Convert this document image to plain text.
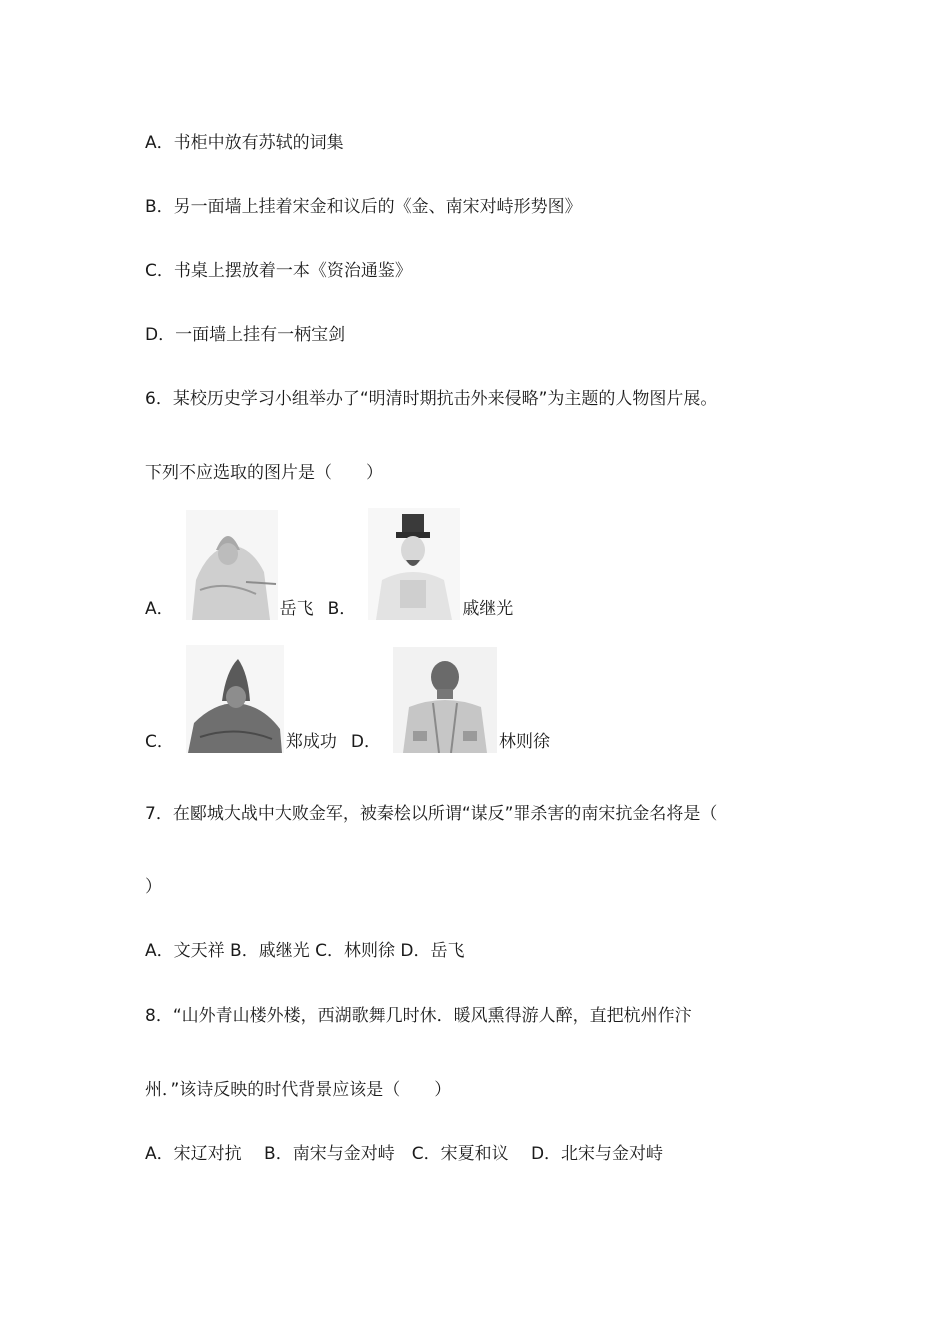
A．书柜中放有苏轼的词集
B．另一面墙上挂着宋金和议后的《金、南宋对峙形势图》
C．书桌上摆放着一本《资治通鉴》
D．一面墙上挂有一柄宝剑
6．某校历史学习小组举办了“明清时期抗击外来侵略”为主题的人物图片展。
下列不应选取的图片是（　　）
A．	岳飞 B．	戚继光
C．	郑成功 D．	林则徐
7．在郾城大战中大败金军，被秦桧以所谓“谋反”罪杀害的南宋抗金名将是（
）
A．文天祥 B．戚继光 C．林则徐 D．岳飞
8．“山外青山楼外楼，西湖歌舞几时休．暖风熏得游人醉，直把杭州作汴
州．”该诗反映的时代背景应该是（　　）
A．宋辽对抗　 B．南宋与金对峙　C．宋夏和议　 D．北宋与金对峙
